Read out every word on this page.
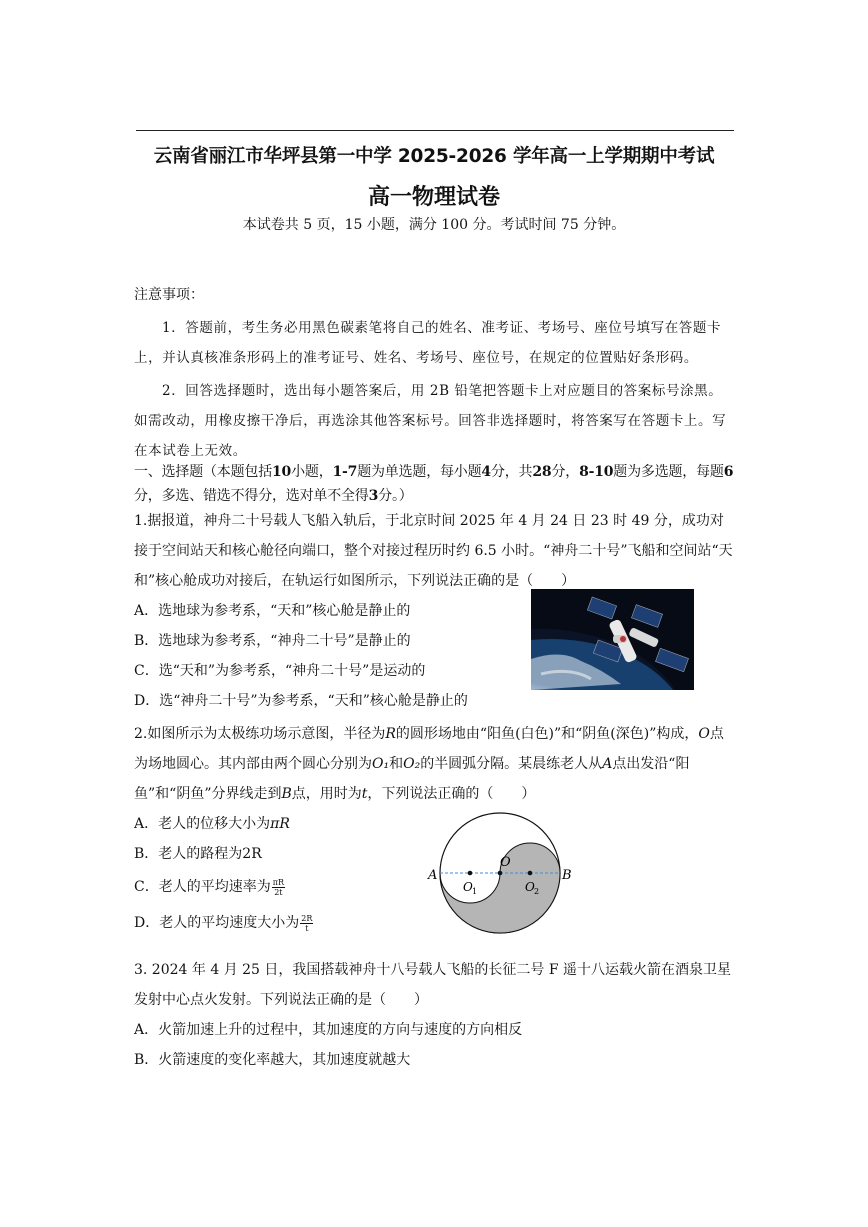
云南省丽江市华坪县第一中学 2025-2026 学年高一上学期期中考试
高一物理试卷
本试卷共 5 页，15 小题，满分 100 分。考试时间 75 分钟。

注意事项：

1．答题前，考生务必用黑色碳素笔将自己的姓名、准考证、考场号、座位号填写在答题卡上，并认真核准条形码上的准考证号、姓名、考场号、座位号，在规定的位置贴好条形码。

2．回答选择题时，选出每小题答案后，用 2B 铅笔把答题卡上对应题目的答案标号涂黑。如需改动，用橡皮擦干净后，再选涂其他答案标号。回答非选择题时，将答案写在答题卡上。写在本试卷上无效。

一、选择题（本题包括10小题，1-7题为单选题，每小题4分，共28分，8-10题为多选题，每题6分，多选、错选不得分，选对单不全得3分。）

1.据报道，神舟二十号载人飞船入轨后，于北京时间 2025 年 4 月 24 日 23 时 49 分，成功对接于空间站天和核心舱径向端口，整个对接过程历时约 6.5 小时。“神舟二十号”飞船和空间站“天和”核心舱成功对接后，在轨运行如图所示，下列说法正确的是（　　）

A．选地球为参考系，“天和”核心舱是静止的

B．选地球为参考系，“神舟二十号”是静止的

C．选“天和”为参考系，“神舟二十号”是运动的

D．选“神舟二十号”为参考系，“天和”核心舱是静止的

2.如图所示为太极练功场示意图，半径为R的圆形场地由“阳鱼(白色)”和“阴鱼(深色)”构成，O点为场地圆心。其内部由两个圆心分别为O₁和O₂的半圆弧分隔。某晨练老人从A点出发沿“阳鱼”和“阴鱼”分界线走到B点，用时为t，下列说法正确的（　　）

A．老人的位移大小为πR

B．老人的路程为2R

C．老人的平均速率为 $\frac{\pi R}{2t}$

D．老人的平均速度大小为 $\frac{2R}{t}$

A	B
O
O 1	O 2

3. 2024 年 4 月 25 日，我国搭载神舟十八号载人飞船的长征二号 F 遥十八运载火箭在酒泉卫星发射中心点火发射。下列说法正确的是（　　）

A．火箭加速上升的过程中，其加速度的方向与速度的方向相反

B．火箭速度的变化率越大，其加速度就越大
